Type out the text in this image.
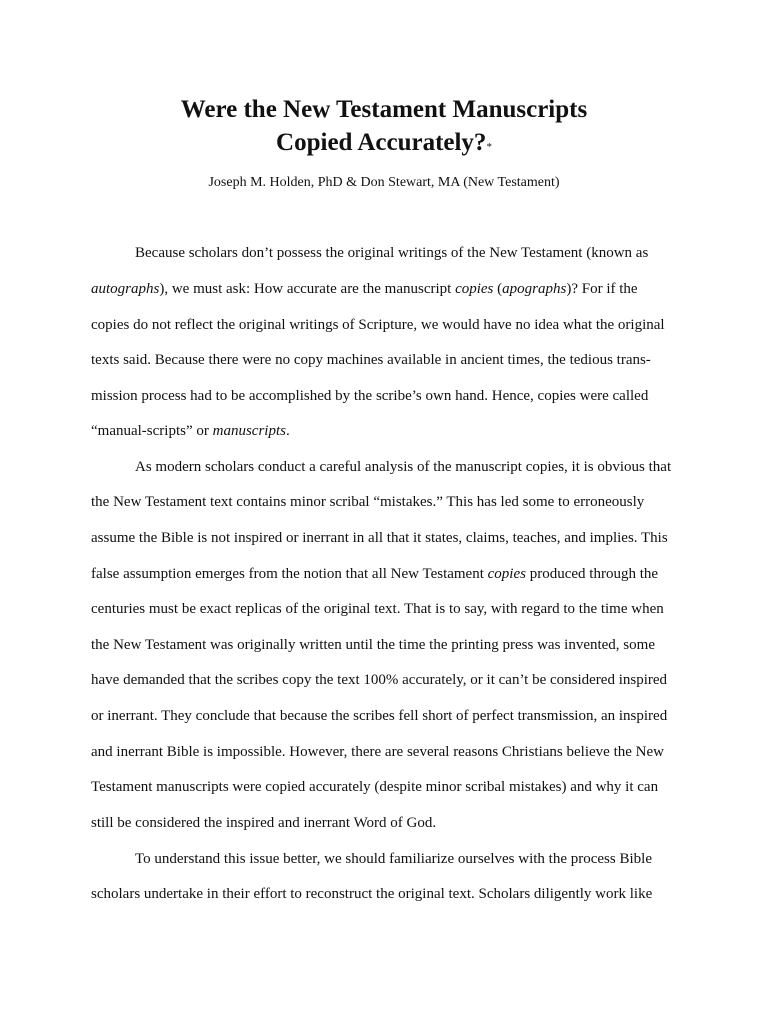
Were the New Testament Manuscripts
Copied Accurately?*
Joseph M. Holden, PhD & Don Stewart, MA (New Testament)
Because scholars don’t possess the original writings of the New Testament (known as
autographs), we must ask: How accurate are the manuscript copies (apographs)? For if the
copies do not reflect the original writings of Scripture, we would have no idea what the original
texts said. Because there were no copy machines available in ancient times, the tedious trans-
mission process had to be accomplished by the scribe’s own hand. Hence, copies were called
“manual-scripts” or manuscripts.
As modern scholars conduct a careful analysis of the manuscript copies, it is obvious that
the New Testament text contains minor scribal “mistakes.” This has led some to erroneously
assume the Bible is not inspired or inerrant in all that it states, claims, teaches, and implies. This
false assumption emerges from the notion that all New Testament copies produced through the
centuries must be exact replicas of the original text. That is to say, with regard to the time when
the New Testament was originally written until the time the printing press was invented, some
have demanded that the scribes copy the text 100% accurately, or it can’t be considered inspired
or inerrant. They conclude that because the scribes fell short of perfect transmission, an inspired
and inerrant Bible is impossible. However, there are several reasons Christians believe the New
Testament manuscripts were copied accurately (despite minor scribal mistakes) and why it can
still be considered the inspired and inerrant Word of God.
To understand this issue better, we should familiarize ourselves with the process Bible
scholars undertake in their effort to reconstruct the original text. Scholars diligently work like
